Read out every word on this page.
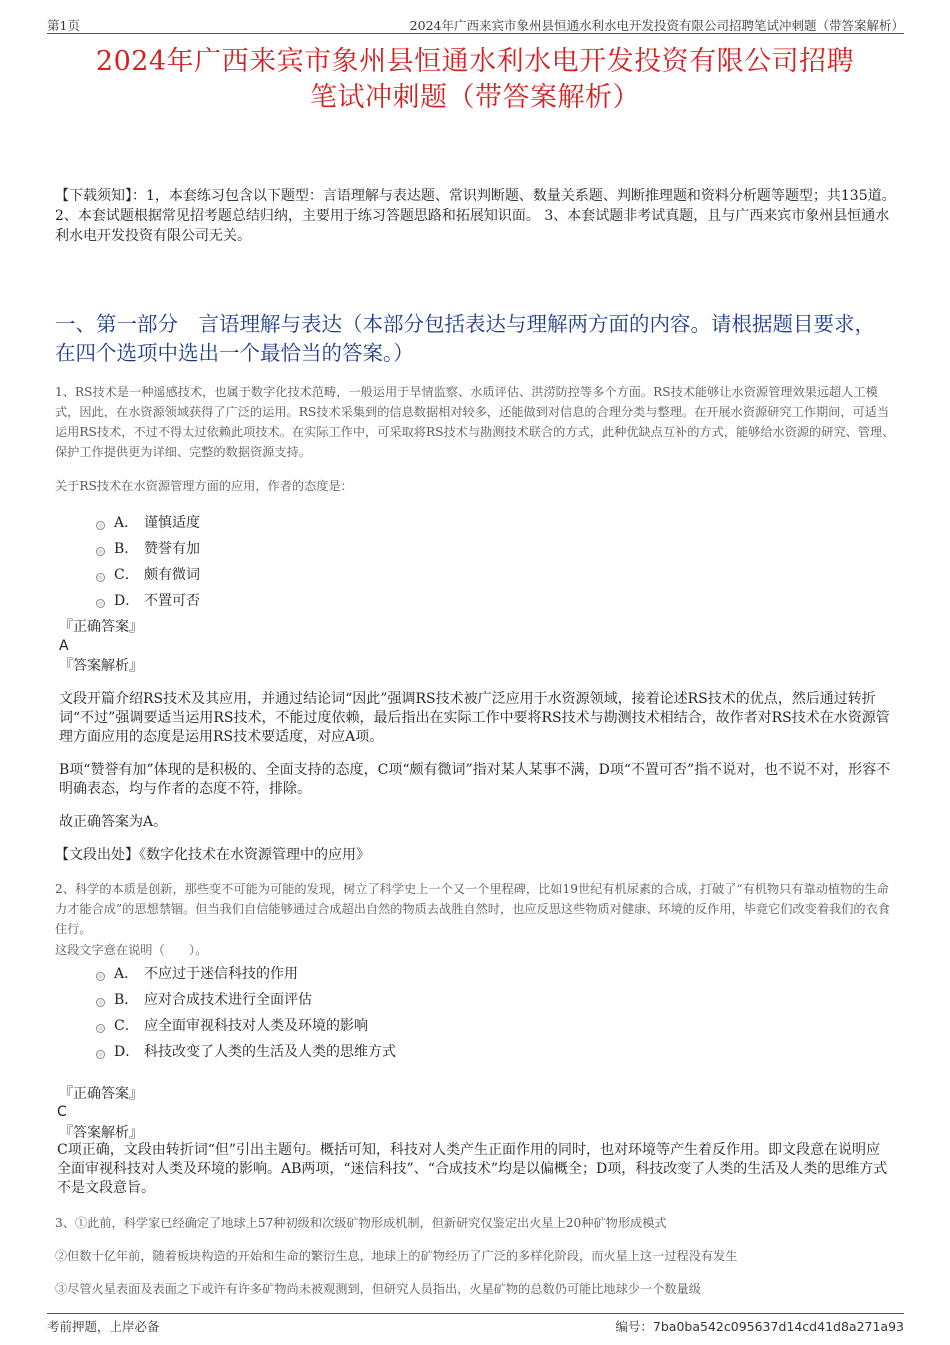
第1页	2024年广西来宾市象州县恒通水利水电开发投资有限公司招聘笔试冲刺题（带答案解析）
2024年广西来宾市象州县恒通水利水电开发投资有限公司招聘
笔试冲刺题（带答案解析）
【下载须知】：1，本套练习包含以下题型：言语理解与表达题、常识判断题、数量关系题、判断推理题和资料分析题等题型；共135道。 2、本套试题根据常见招考题总结归纳，主要用于练习答题思路和拓展知识面。 3、本套试题非考试真题，且与广西来宾市象州县恒通水利水电开发投资有限公司无关。
一、第一部分　言语理解与表达（本部分包括表达与理解两方面的内容。请根据题目要求，在四个选项中选出一个最恰当的答案。）
1、RS技术是一种遥感技术，也属于数字化技术范畴，一般运用于旱情监察、水质评估、洪涝防控等多个方面。RS技术能够让水资源管理效果远超人工模式，因此，在水资源领域获得了广泛的运用。RS技术采集到的信息数据相对较多，还能做到对信息的合理分类与整理。在开展水资源研究工作期间，可适当运用RS技术，不过不得太过依赖此项技术。在实际工作中，可采取将RS技术与勘测技术联合的方式，此种优缺点互补的方式，能够给水资源的研究、管理、保护工作提供更为详细、完整的数据资源支持。
关于RS技术在水资源管理方面的应用，作者的态度是：
A． 谨慎适度
B． 赞誉有加
C． 颇有微词
D． 不置可否
『正确答案』
A
『答案解析』
文段开篇介绍RS技术及其应用，并通过结论词“因此”强调RS技术被广泛应用于水资源领域，接着论述RS技术的优点，然后通过转折词“不过”强调要适当运用RS技术，不能过度依赖，最后指出在实际工作中要将RS技术与勘测技术相结合，故作者对RS技术在水资源管理方面应用的态度是运用RS技术要适度，对应A项。
B项“赞誉有加”体现的是积极的、全面支持的态度，C项“颇有微词”指对某人某事不满，D项“不置可否”指不说对，也不说不对，形容不明确表态，均与作者的态度不符，排除。
故正确答案为A。
【文段出处】《数字化技术在水资源管理中的应用》
2、科学的本质是创新，那些变不可能为可能的发现，树立了科学史上一个又一个里程碑，比如19世纪有机尿素的合成，打破了“有机物只有靠动植物的生命力才能合成”的思想禁锢。但当我们自信能够通过合成超出自然的物质去战胜自然时，也应反思这些物质对健康、环境的反作用，毕竟它们改变着我们的衣食住行。
这段文字意在说明（　　）。
A． 不应过于迷信科技的作用
B． 应对合成技术进行全面评估
C． 应全面审视科技对人类及环境的影响
D． 科技改变了人类的生活及人类的思维方式
『正确答案』
C
『答案解析』
C项正确，文段由转折词“但”引出主题句。概括可知，科技对人类产生正面作用的同时，也对环境等产生着反作用。即文段意在说明应全面审视科技对人类及环境的影响。AB两项，“迷信科技”、“合成技术”均是以偏概全；D项，科技改变了人类的生活及人类的思维方式不是文段意旨。
3、①此前，科学家已经确定了地球上57种初级和次级矿物形成机制，但新研究仅鉴定出火星上20种矿物形成模式
②但数十亿年前，随着板块构造的开始和生命的繁衍生息，地球上的矿物经历了广泛的多样化阶段，而火星上这一过程没有发生
③尽管火星表面及表面之下或许有许多矿物尚未被观测到，但研究人员指出，火星矿物的总数仍可能比地球少一个数量级
考前押题，上岸必备	编号：7ba0ba542c095637d14cd41d8a271a93
